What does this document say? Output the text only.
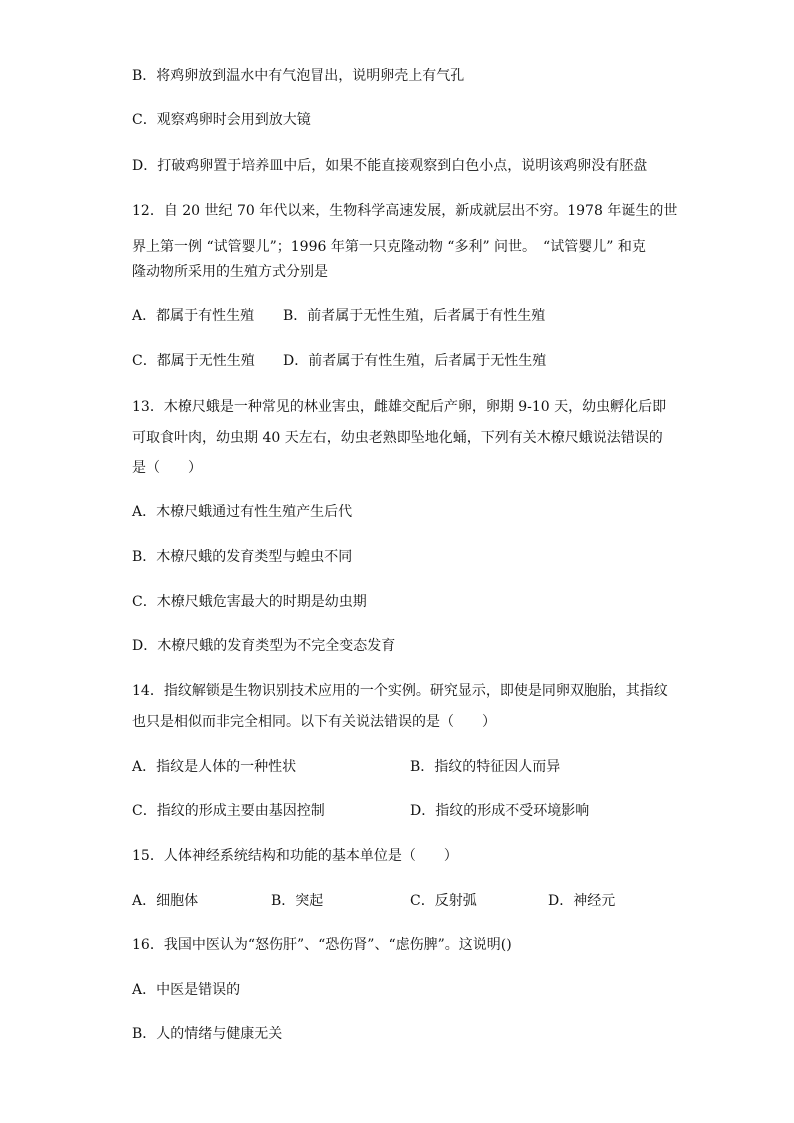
B．将鸡卵放到温水中有气泡冒出，说明卵壳上有气孔
C．观察鸡卵时会用到放大镜
D．打破鸡卵置于培养皿中后，如果不能直接观察到白色小点，说明该鸡卵没有胚盘
12．自 20 世纪 70 年代以来，生物科学高速发展，新成就层出不穷。1978 年诞生的世
界上第一例 “试管婴儿”；1996 年第一只克隆动物 “多利” 问世。　“试管婴儿” 和克
隆动物所采用的生殖方式分别是
A．都属于有性生殖 B．前者属于无性生殖，后者属于有性生殖
C．都属于无性生殖 D．前者属于有性生殖，后者属于无性生殖
13．木橑尺蛾是一种常见的林业害虫，雌雄交配后产卵，卵期 9-10 天，幼虫孵化后即
可取食叶肉，幼虫期 40 天左右，幼虫老熟即坠地化蛹，下列有关木橑尺蛾说法错误的
是（　　）
A．木橑尺蛾通过有性生殖产生后代
B．木橑尺蛾的发育类型与蝗虫不同
C．木橑尺蛾危害最大的时期是幼虫期
D．木橑尺蛾的发育类型为不完全变态发育
14．指纹解锁是生物识别技术应用的一个实例。研究显示，即使是同卵双胞胎，其指纹
也只是相似而非完全相同。以下有关说法错误的是（　　）
A．指纹是人体的一种性状	B．指纹的特征因人而异
C．指纹的形成主要由基因控制	D．指纹的形成不受环境影响
15．人体神经系统结构和功能的基本单位是（　　）
A．细胞体	B．突起	C．反射弧	D．神经元
16．我国中医认为“怒伤肝”、“恐伤肾”、“虑伤脾”。这说明()
A．中医是错误的
B．人的情绪与健康无关
